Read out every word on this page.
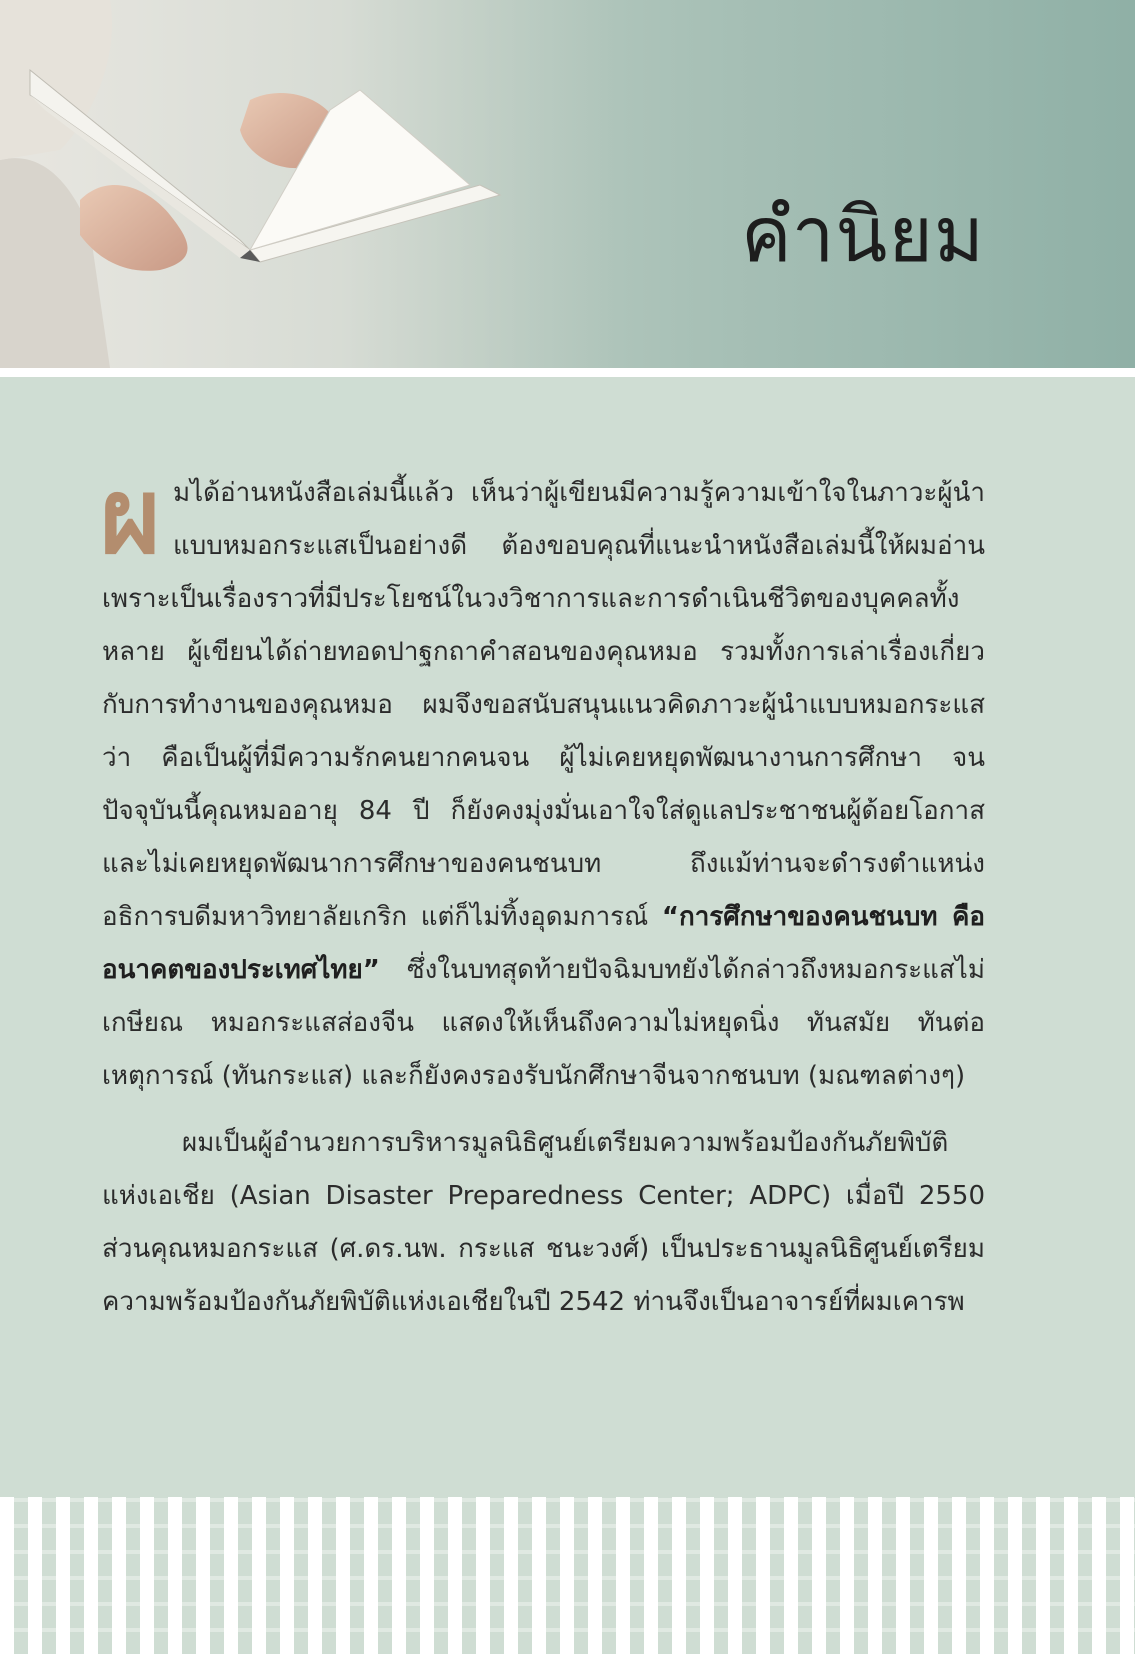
คำนิยม

ผมได้อ่านหนังสือเล่มนี้แล้ว เห็นว่าผู้เขียนมีความรู้ความเข้าใจในภาวะผู้นำแบบหมอกระแสเป็นอย่างดี ต้องขอบคุณที่แนะนำหนังสือเล่มนี้ให้ผมอ่าน เพราะเป็นเรื่องราวที่มีประโยชน์ในวงวิชาการและการดำเนินชีวิตของบุคคลทั้งหลาย ผู้เขียนได้ถ่ายทอดปาฐกถาคำสอนของคุณหมอ รวมทั้งการเล่าเรื่องเกี่ยวกับการทำงานของคุณหมอ ผมจึงขอสนับสนุนแนวคิดภาวะผู้นำแบบหมอกระแสว่า คือเป็นผู้ที่มีความรักคนยากคนจน ผู้ไม่เคยหยุดพัฒนางานการศึกษา จนปัจจุบันนี้คุณหมออายุ 84 ปี ก็ยังคงมุ่งมั่นเอาใจใส่ดูแลประชาชนผู้ด้อยโอกาส และไม่เคยหยุดพัฒนาการศึกษาของคนชนบท ถึงแม้ท่านจะดำรงตำแหน่งอธิการบดีมหาวิทยาลัยเกริก แต่ก็ไม่ทิ้งอุดมการณ์ “การศึกษาของคนชนบท คืออนาคตของประเทศไทย” ซึ่งในบทสุดท้ายปัจฉิมบทยังได้กล่าวถึงหมอกระแสไม่เกษียณ หมอกระแสส่องจีน แสดงให้เห็นถึงความไม่หยุดนิ่ง ทันสมัย ทันต่อเหตุการณ์ (ทันกระแส) และก็ยังคงรองรับนักศึกษาจีนจากชนบท (มณฑลต่างๆ)

ผมเป็นผู้อำนวยการบริหารมูลนิธิศูนย์เตรียมความพร้อมป้องกันภัยพิบัติแห่งเอเชีย (Asian Disaster Preparedness Center; ADPC) เมื่อปี 2550 ส่วนคุณหมอกระแส (ศ.ดร.นพ. กระแส ชนะวงศ์) เป็นประธานมูลนิธิศูนย์เตรียมความพร้อมป้องกันภัยพิบัติแห่งเอเชียในปี 2542 ท่านจึงเป็นอาจารย์ที่ผมเคารพ
